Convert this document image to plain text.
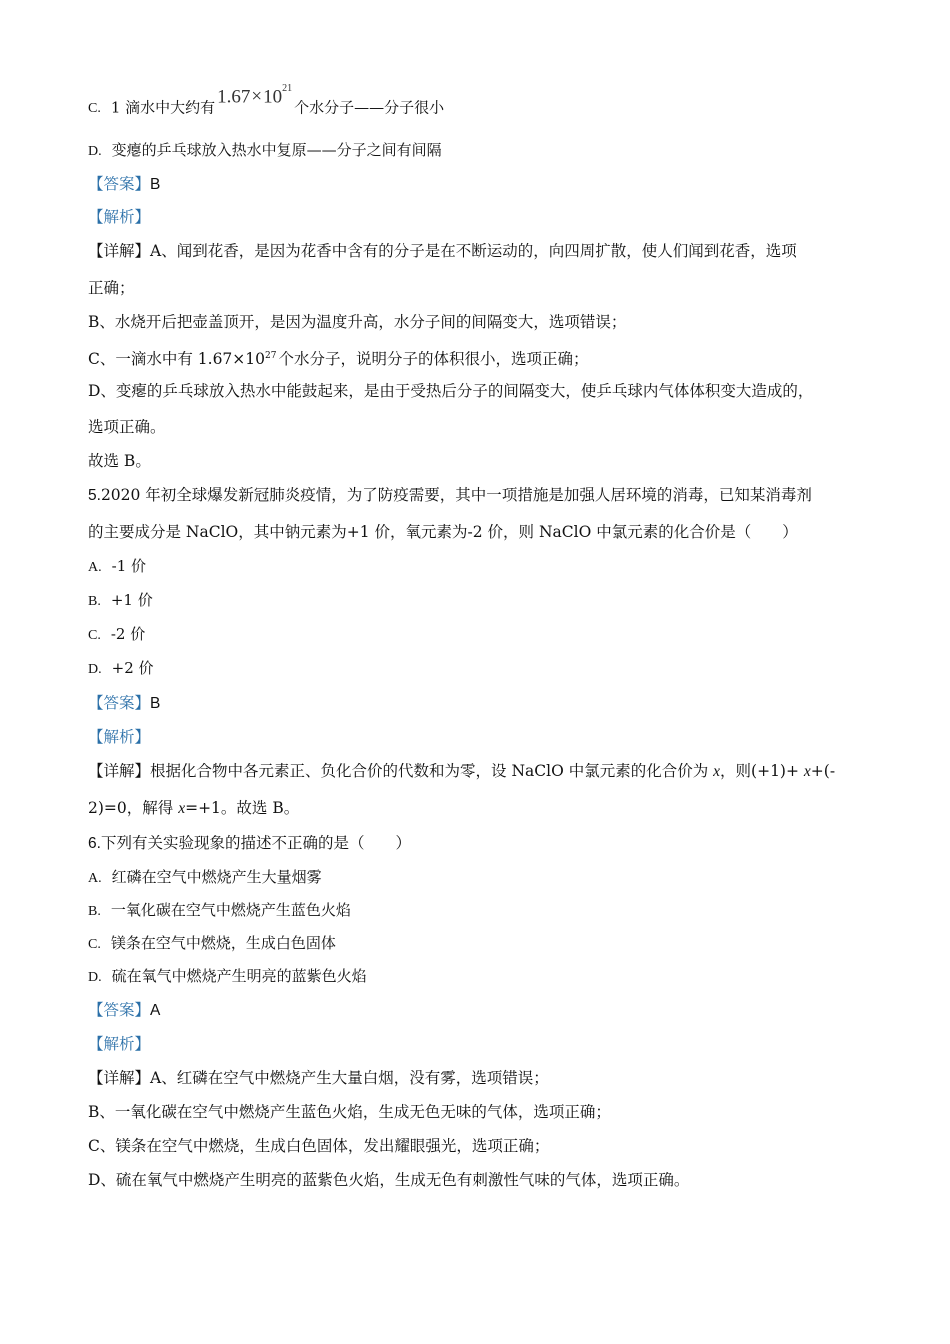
C. 1 滴水中大约有 $1.67\times 10^{21}$个水分子——分子很小
D. 变瘪的乒乓球放入热水中复原——分子之间有间隔
【答案】B
【解析】
【详解】A、闻到花香，是因为花香中含有的分子是在不断运动的，向四周扩散，使人们闻到花香，选项
正确；
B、水烧开后把壶盖顶开，是因为温度升高，水分子间的间隔变大，选项错误；
C、一滴水中有 $1.67\times 10^{27}$ 个水分子，说明分子的体积很小，选项正确；
D、变瘪的乒乓球放入热水中能鼓起来，是由于受热后分子的间隔变大，使乒乓球内气体体积变大造成的，
选项正确。
故选 B。
5.2020 年初全球爆发新冠肺炎疫情，为了防疫需要，其中一项措施是加强人居环境的消毒，已知某消毒剂
的主要成分是 NaClO，其中钠元素为+1 价，氧元素为-2 价，则 NaClO 中氯元素的化合价是（　　）
A. -1 价
B. +1 价
C. -2 价
D. +2 价
【答案】B
【解析】
【详解】根据化合物中各元素正、负化合价的代数和为零，设 NaClO 中氯元素的化合价为 x，则(+1)+ x+(-
2)=0，解得 x=+1。故选 B。
6.下列有关实验现象的描述不正确的是（　　）
A. 红磷在空气中燃烧产生大量烟雾
B. 一氧化碳在空气中燃烧产生蓝色火焰
C. 镁条在空气中燃烧，生成白色固体
D. 硫在氧气中燃烧产生明亮的蓝紫色火焰
【答案】A
【解析】
【详解】A、红磷在空气中燃烧产生大量白烟，没有雾，选项错误；
B、一氧化碳在空气中燃烧产生蓝色火焰，生成无色无味的气体，选项正确；
C、镁条在空气中燃烧，生成白色固体，发出耀眼强光，选项正确；
D、硫在氧气中燃烧产生明亮的蓝紫色火焰，生成无色有刺激性气味的气体，选项正确。
